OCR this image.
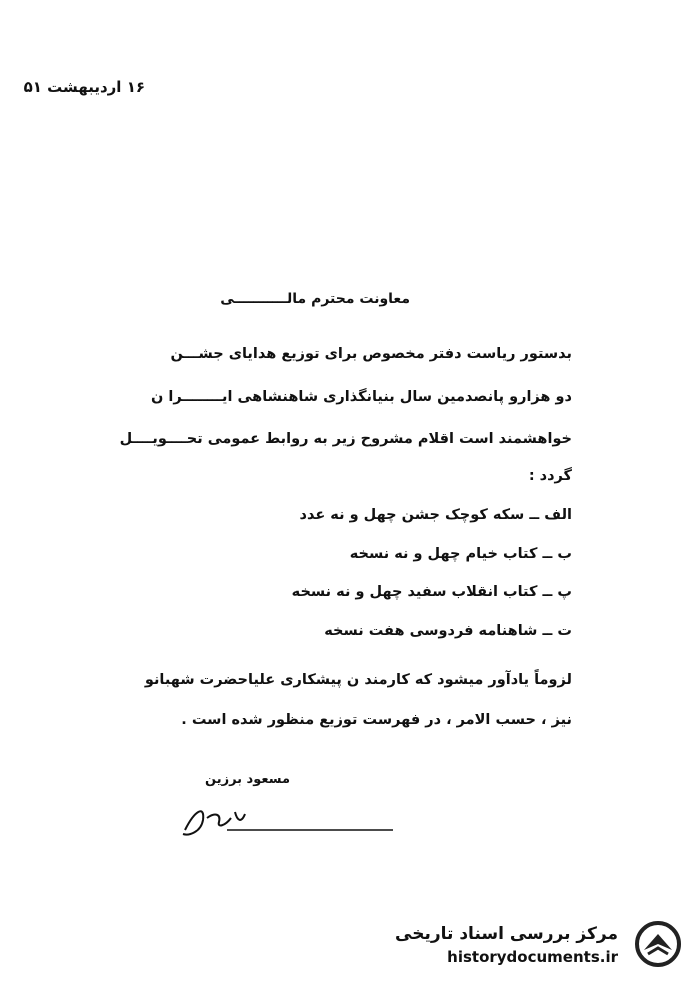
۱۶ اردیبهشت ۵۱
معاونت محترم مالـــــــــــی
بدستور ریاست دفتر مخصوص برای توزیع هدایای جشـــن
دو هزارو پانصدمین سال بنیانگذاری شاهنشاهی ایــــــــرا ن
خواهشمند است اقلام مشروح زیر به روابط عمومی تحــــویــــل
گردد :
الف ــ سکه کوچک جشن چهل و نه عدد
ب ــ کتاب خیام چهل و نه نسخه
پ ــ کتاب انقلاب سفید چهل و نه نسخه
ت ــ شاهنامه فردوسی هفت نسخه
لزوماً یادآور میشود که کارمند ن پیشکاری علیاحضرت شهبانو
نیز ، حسب الامر ، در فهرست توزیع منظور شده است .
مسعود برزین
مرکز بررسی اسناد تاریخی
historydocuments.ir
